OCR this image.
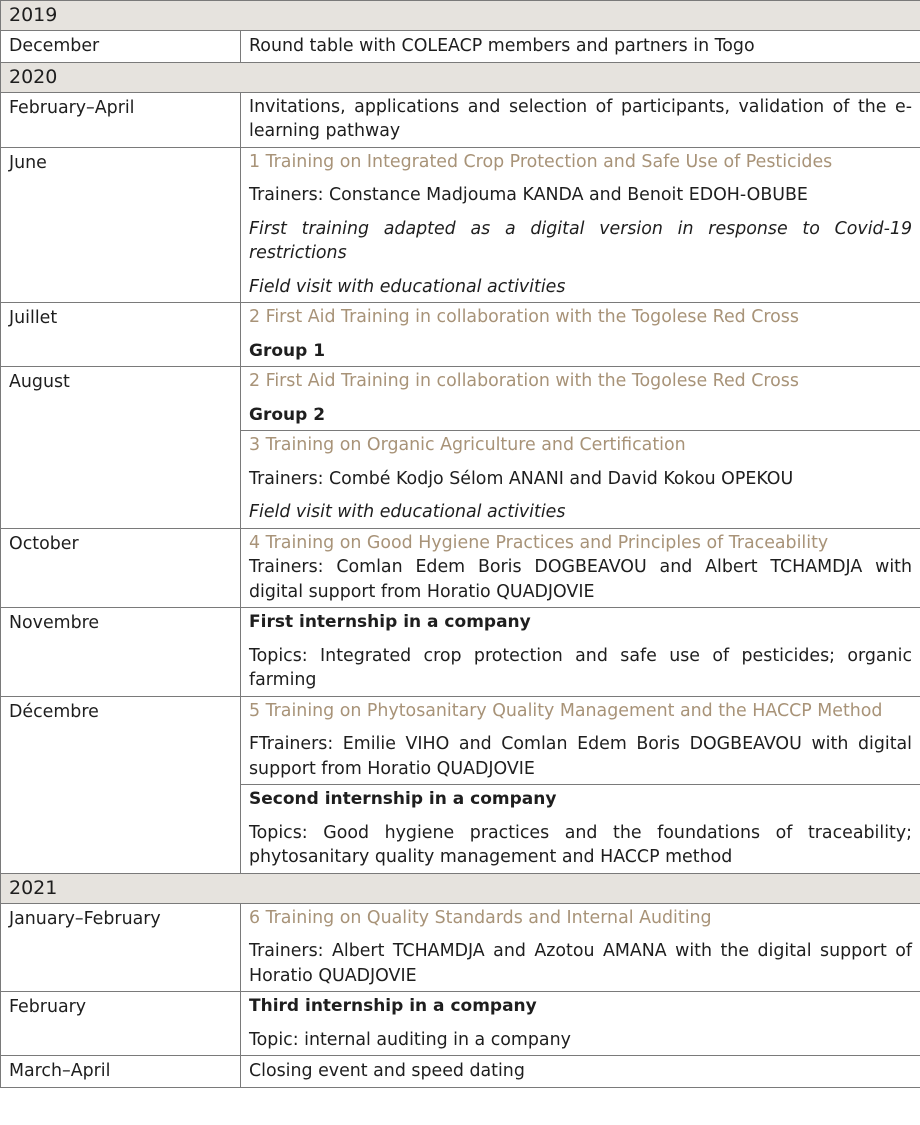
2019	
December	Round table with COLEACP members and partners in Togo
2020	
February–April	Invitations, applications and selection of participants, validation of the e-learning pathway
June	1 Training on Integrated Crop Protection and Safe Use of Pesticides

Trainers: Constance Madjouma KANDA and Benoit EDOH-OBUBE

First training adapted as a digital version in response to Covid-19 restrictions

Field visit with educational activities

Juillet	2 First Aid Training in collaboration with the Togolese Red Cross

Group 1

August	2 First Aid Training in collaboration with the Togolese Red Cross

Group 2

	3 Training on Organic Agriculture and Certification

Trainers: Combé Kodjo Sélom ANANI and David Kokou OPEKOU

Field visit with educational activities

October	4 Training on Good Hygiene Practices and Principles of Traceability
Trainers: Comlan Edem Boris DOGBEAVOU and Albert TCHAMDJA with digital support from Horatio QUADJOVIE

Novembre	First internship in a company

Topics: Integrated crop protection and safe use of pesticides; organic farming

Décembre	5 Training on Phytosanitary Quality Management and the HACCP Method

FTrainers: Emilie VIHO and Comlan Edem Boris DOGBEAVOU with digital support from Horatio QUADJOVIE

	Second internship in a company

Topics: Good hygiene practices and the foundations of traceability; phytosanitary quality management and HACCP method

2021	
January–February	6 Training on Quality Standards and Internal Auditing

Trainers: Albert TCHAMDJA and Azotou AMANA with the digital support of Horatio QUADJOVIE

February	Third internship in a company

Topic: internal auditing in a company

March–April	Closing event and speed dating
